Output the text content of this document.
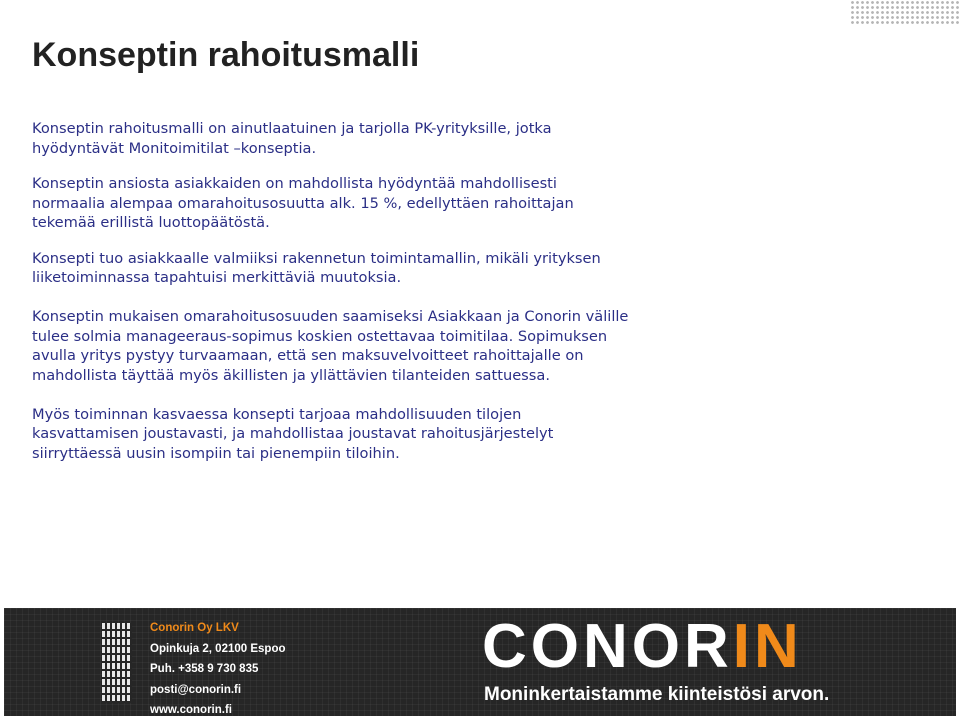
Konseptin rahoitusmalli

Konseptin rahoitusmalli on ainutlaatuinen ja tarjolla PK-yrityksille, jotka hyödyntävät Monitoimitilat –konseptia.

Konseptin ansiosta asiakkaiden on mahdollista hyödyntää mahdollisesti normaalia alempaa omarahoitusosuutta alk. 15 %, edellyttäen rahoittajan tekemää erillistä luottopäätöstä.

Konsepti tuo asiakkaalle valmiiksi rakennetun toimintamallin, mikäli yrityksen liiketoiminnassa tapahtuisi merkittäviä muutoksia.

Konseptin mukaisen omarahoitusosuuden saamiseksi Asiakkaan ja Conorin välille tulee solmia manageeraus-sopimus koskien ostettavaa toimitilaa. Sopimuksen avulla yritys pystyy turvaamaan, että sen maksuvelvoitteet rahoittajalle on mahdollista täyttää myös äkillisten ja yllättävien tilanteiden sattuessa.

Myös toiminnan kasvaessa konsepti tarjoaa mahdollisuuden tilojen kasvattamisen joustavasti, ja mahdollistaa joustavat rahoitusjärjestelyt siirryttäessä uusin isompiin tai pienempiin tiloihin.

Conorin Oy LKV
Opinkuja 2, 02100 Espoo
Puh. +358 9 730 835
posti@conorin.fi
www.conorin.fi
CONORIN
Moninkertaistamme kiinteistösi arvon.
